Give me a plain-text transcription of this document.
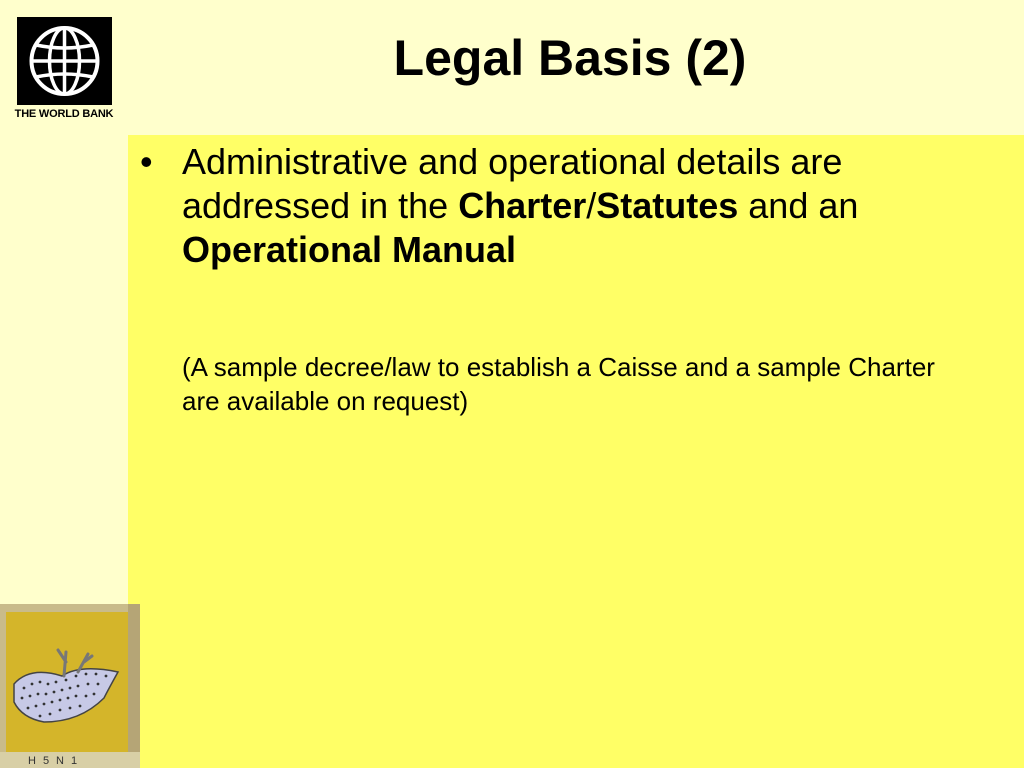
THE WORLD BANK
Legal Basis (2)
• Administrative and operational details are addressed in the Charter/Statutes and an Operational Manual
(A sample decree/law to establish a Caisse and a sample Charter are available on request)
H5N1
